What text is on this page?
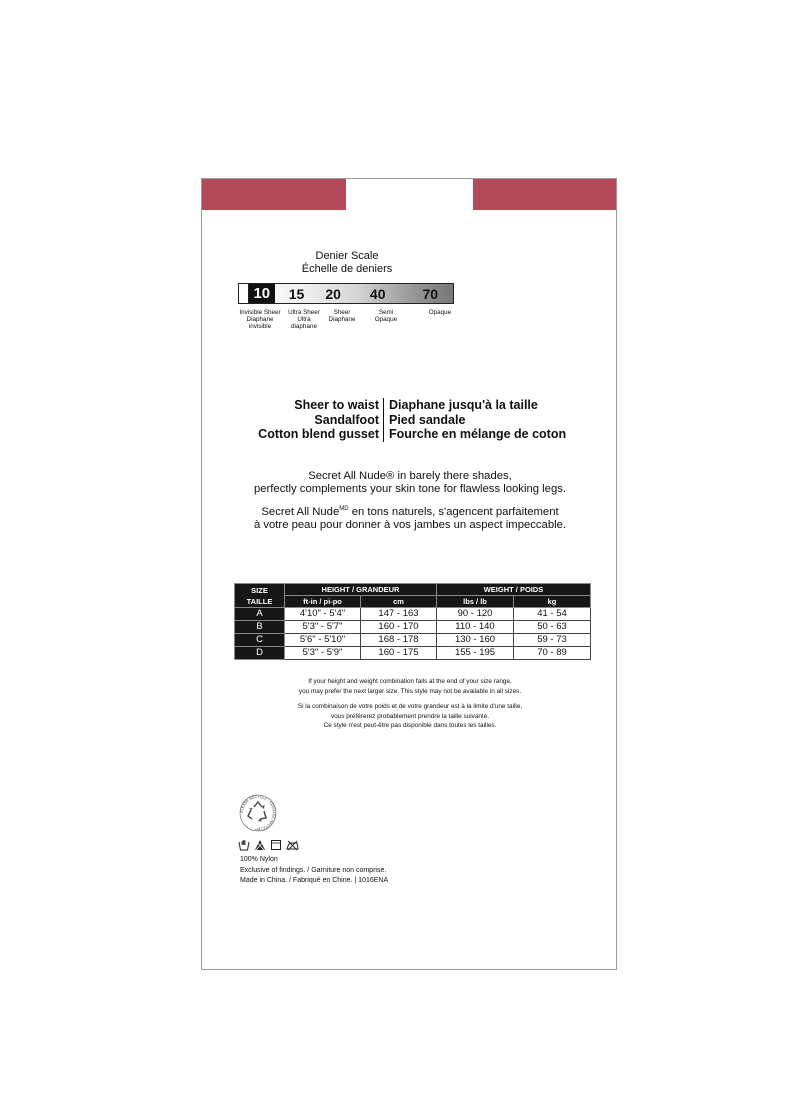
Denier Scale
Échelle de deniers
10	15	20	40	70
Invisible Sheer
Diaphane
invisible
Ultra Sheer
Ultra
diaphane
Sheer
Diaphane
Semi
Opaque
Opaque
Sheer to waist Diaphane jusqu'à la taille
Sandalfoot Pied sandale
Cotton blend gusset Fourche en mélange de coton
Secret All Nude® in barely there shades,
perfectly complements your skin tone for flawless looking legs.
Secret All Nude$^{MD}$ en tons naturels, s'agencent parfaitement
à votre peau pour donner à vos jambes un aspect impeccable.
SIZE
TAILLE	HEIGHT / GRANDEUR		WEIGHT / POIDS	
	ft-in / pi-po	cm	lbs / lb	kg
A	4'10" - 5'4"	147 - 163	90 - 120	41 - 54
B	5'3" - 5'7"	160 - 170	110 - 140	50 - 63
C	5'6" - 5'10"	168 - 178	130 - 160	59 - 73
D	5'3" - 5'9"	160 - 175	155 - 195	70 - 89
If your height and weight combination falls at the end of your size range,
you may prefer the next larger size. This style may not be available in all sizes.
Si la combinaison de votre poids et de votre grandeur est à la limite d'une taille,
vous préférerez probablement prendre la taille suivante.
Ce style n'est peut-être pas disponible dans toutes les tailles.
PLEASE RECYCLE · VEUILLEZ RECYCLER
100% Nylon
Exclusive of findings. / Garniture non comprise.
Made in China. / Fabriqué en Chine. | 1016ENA
